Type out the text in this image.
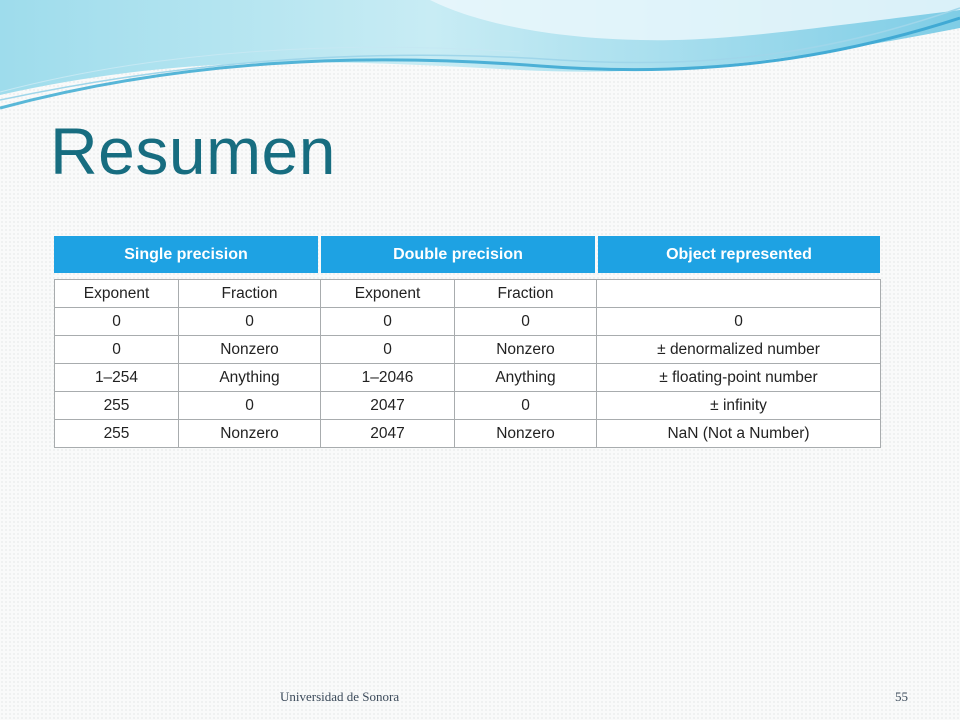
Resumen
Single precision	Double precision	Object represented
Exponent	Fraction	Exponent	Fraction	
0	0	0	0	0
0	Nonzero	0	Nonzero	± denormalized number
1–254	Anything	1–2046	Anything	± floating-point number
255	0	2047	0	± infinity
255	Nonzero	2047	Nonzero	NaN (Not a Number)
Universidad de Sonora	55
